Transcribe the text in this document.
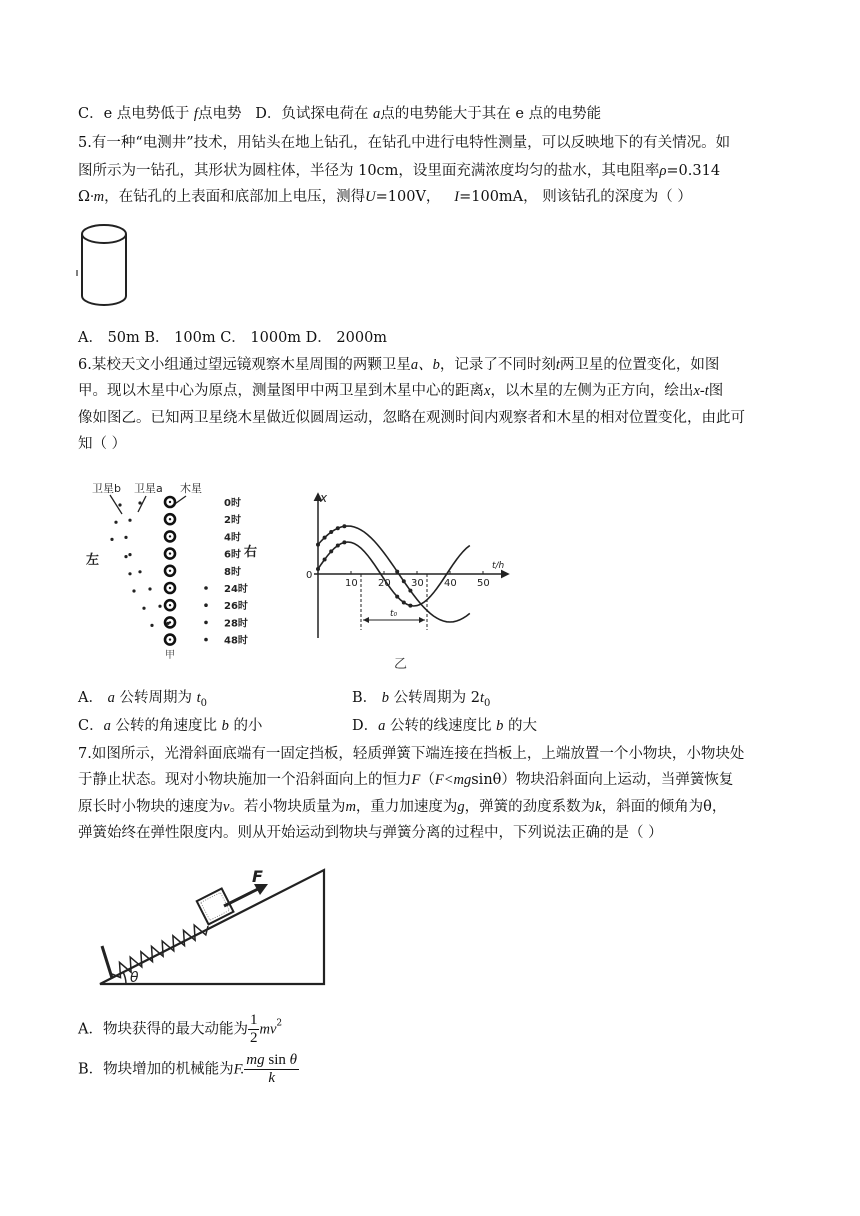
C．e 点电势低于 f点电势 D．负试探电荷在 a点的电势能大于其在 e 点的电势能
5.有一种“电测井”技术，用钻头在地上钻孔，在钻孔中进行电特性测量，可以反映地下的有关情况。如
图所示为一钻孔，其形状为圆柱体，半径为 10cm，设里面充满浓度均匀的盐水，其电阻率ρ=0.314
Ω·m，在钻孔的上表面和底部加上电压，测得U=100V， I=100mA， 则该钻孔的深度为（ ）
A． 50m B． 100m C． 1000m D． 2000m
6.某校天文小组通过望远镜观察木星周围的两颗卫星a、b，记录了不同时刻t两卫星的位置变化，如图
甲。现以木星中心为原点，测量图甲中两卫星到木星中心的距离x，以木星的左侧为正方向，绘出x-t图
像如图乙。已知两卫星绕木星做近似圆周运动，忽略在观测时间内观察者和木星的相对位置变化，由此可
知（ ）
卫星b 卫星a 木星
左
右
甲
0时
2时
4时
6时
8时
24时
26时
28时
48时
x
t/h
0
10 20 30 40 50
t₀
乙
A． a 公转周期为 $t_0$	B． b 公转周期为 $2t_0$
C．a 公转的角速度比 b 的小	D．a 公转的线速度比 b 的大
7.如图所示，光滑斜面底端有一固定挡板，轻质弹簧下端连接在挡板上，上端放置一个小物块，小物块处
于静止状态。现对小物块施加一个沿斜面向上的恒力F（F<mgsinθ）物块沿斜面向上运动，当弹簧恢复
原长时小物块的速度为v。若小物块质量为m，重力加速度为g，弹簧的劲度系数为k，斜面的倾角为θ，
弹簧始终在弹性限度内。则从开始运动到物块与弹簧分离的过程中，下列说法正确的是（ ）
F
θ
A．物块获得的最大动能为 $\frac{1}{2} mv^2$
B．物块增加的机械能为F. $\frac{\text{mg sin θ}}{k}$
